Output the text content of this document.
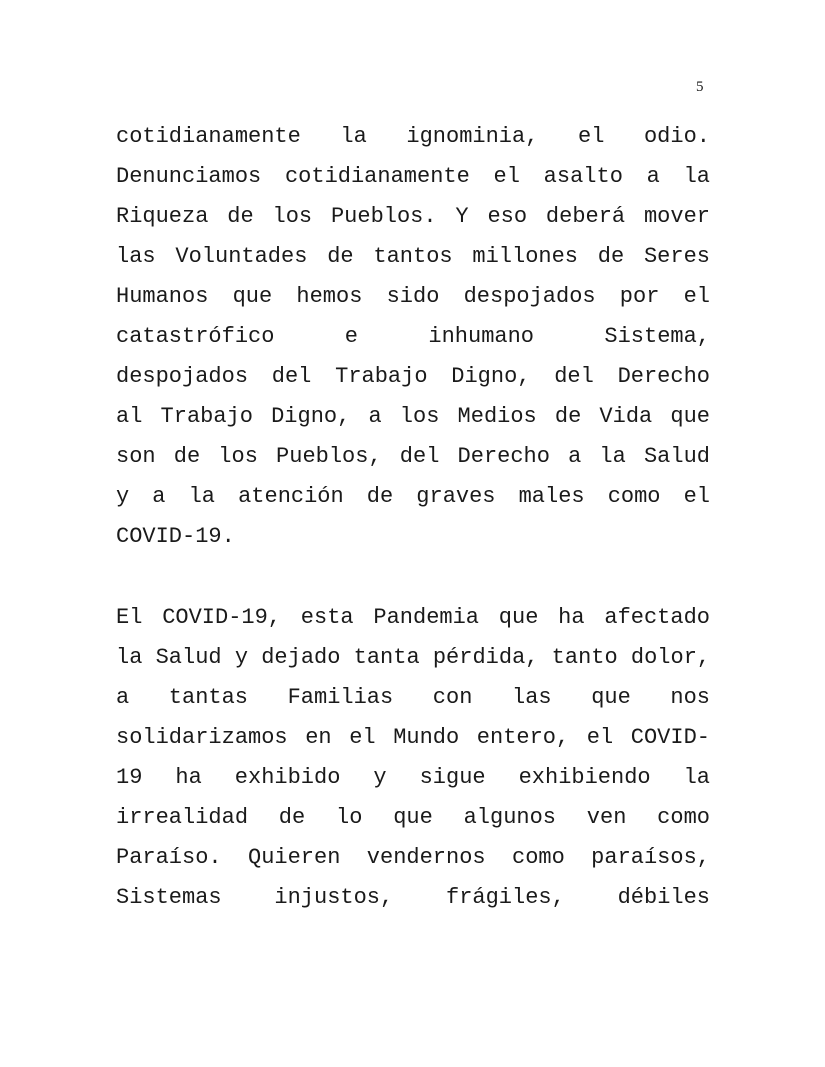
5
cotidianamente la ignominia, el odio.
Denunciamos cotidianamente el asalto a la
Riqueza de los Pueblos. Y eso deberá mover
las Voluntades de tantos millones de Seres
Humanos que hemos sido despojados por el
catastrófico e inhumano Sistema,
despojados del Trabajo Digno, del Derecho
al Trabajo Digno, a los Medios de Vida que
son de los Pueblos, del Derecho a la Salud
y a la atención de graves males como el
COVID-19.
El COVID-19, esta Pandemia que ha afectado
la Salud y dejado tanta pérdida, tanto dolor,
a tantas Familias con las que nos
solidarizamos en el Mundo entero, el COVID-
19 ha exhibido y sigue exhibiendo la
irrealidad de lo que algunos ven como
Paraíso. Quieren vendernos como paraísos,
Sistemas injustos, frágiles, débiles
